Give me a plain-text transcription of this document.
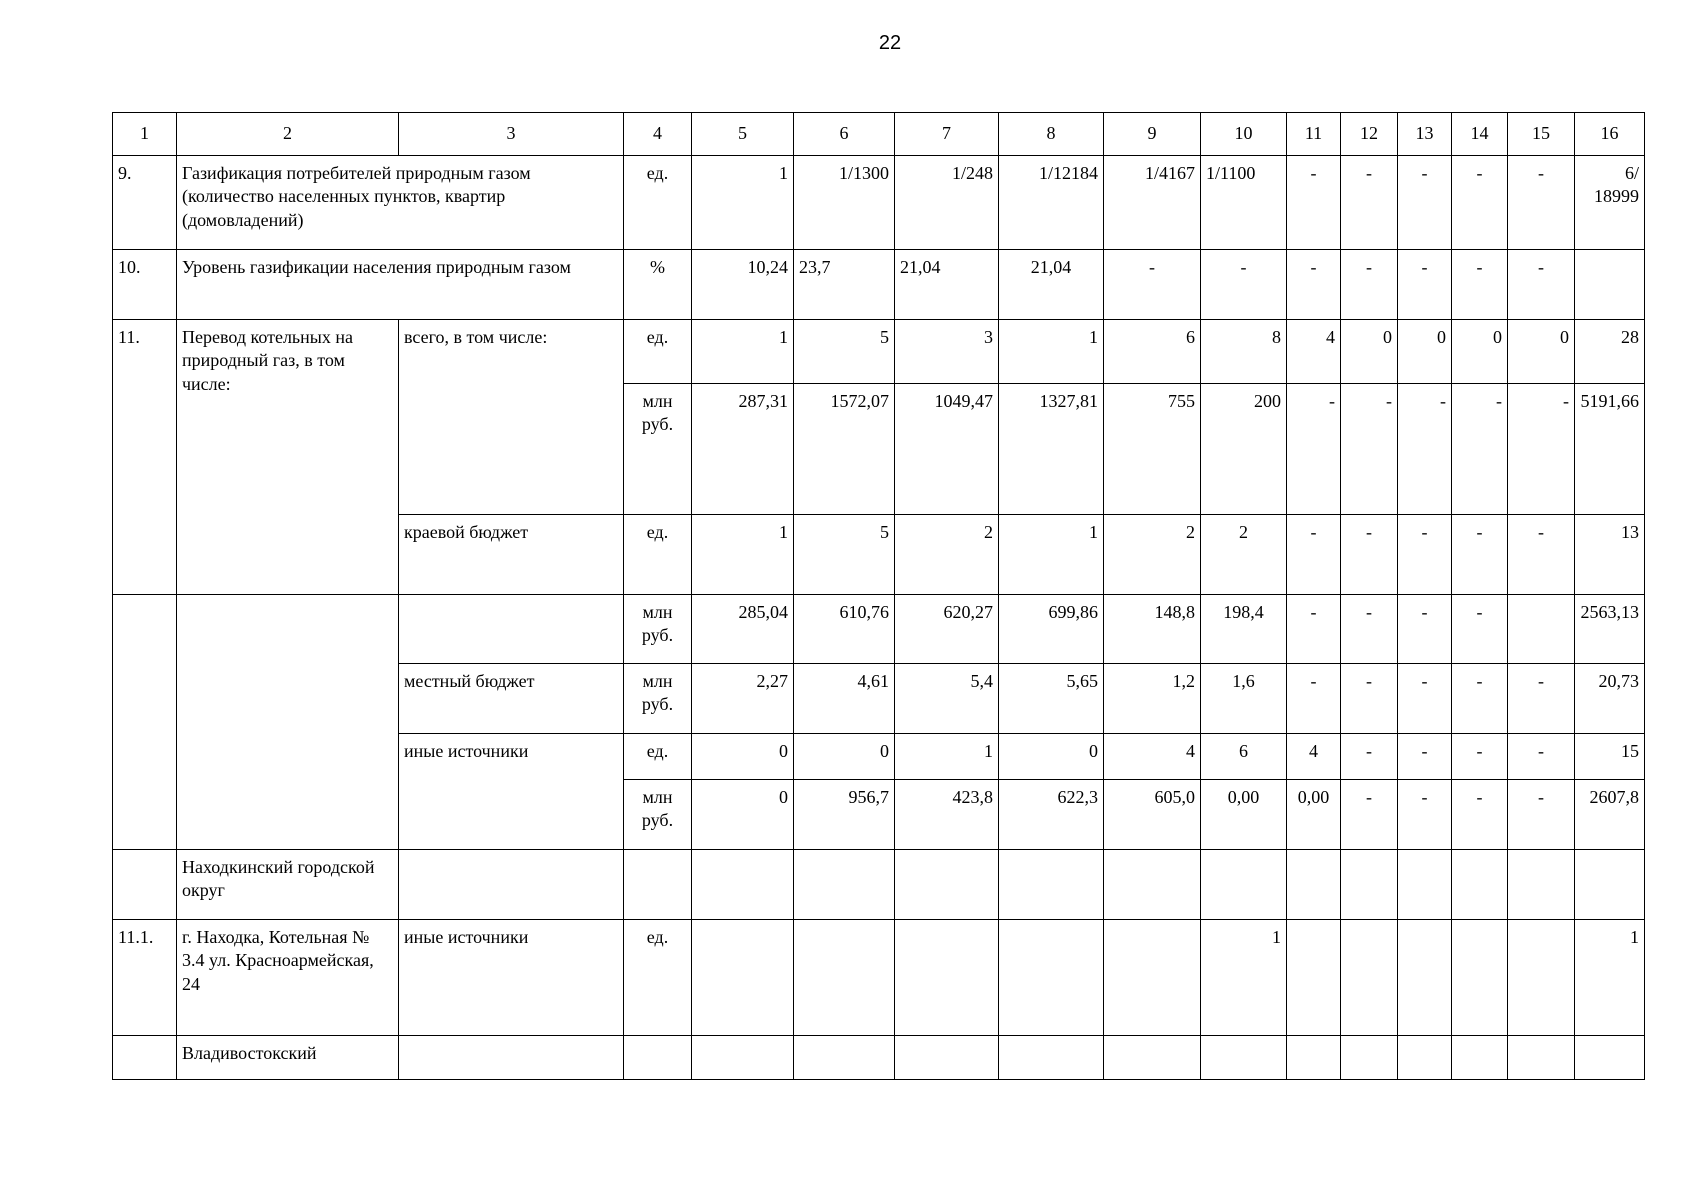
22
1	2	3	4	5	6	7	8	9	10	11	12	13	14	15	16
9.	Газификация потребителей природным газом (количество населенных пунктов, квартир (домовладений)		ед.	1	1/1300	1/248	1/12184	1/4167	1/1100	-	-	-	-	-	6/ 18999
10.	Уровень газификации населения природным газом		%	10,24	23,7	21,04	21,04	-	-	-	-	-	-	-	
11.	Перевод котельных на природный газ, в том числе:	всего, в том числе:	ед.	1	5	3	1	6	8	4	0	0	0	0	28
			млн руб.	287,31	1572,07	1049,47	1327,81	755	200	-	-	-	-	-	5191,66
		краевой бюджет	ед.	1	5	2	1	2	2	-	-	-	-	-	13
			млн руб.	285,04	610,76	620,27	699,86	148,8	198,4	-	-	-	-		2563,13
		местный бюджет	млн руб.	2,27	4,61	5,4	5,65	1,2	1,6	-	-	-	-	-	20,73
		иные источники	ед.	0	0	1	0	4	6	4	-	-	-	-	15
			млн руб.	0	956,7	423,8	622,3	605,0	0,00	0,00	-	-	-	-	2607,8
	Находкинский городской округ														
11.1.	г. Находка, Котельная № 3.4 ул. Красноармейская, 24	иные источники	ед.						1						1
	Владивостокский														
